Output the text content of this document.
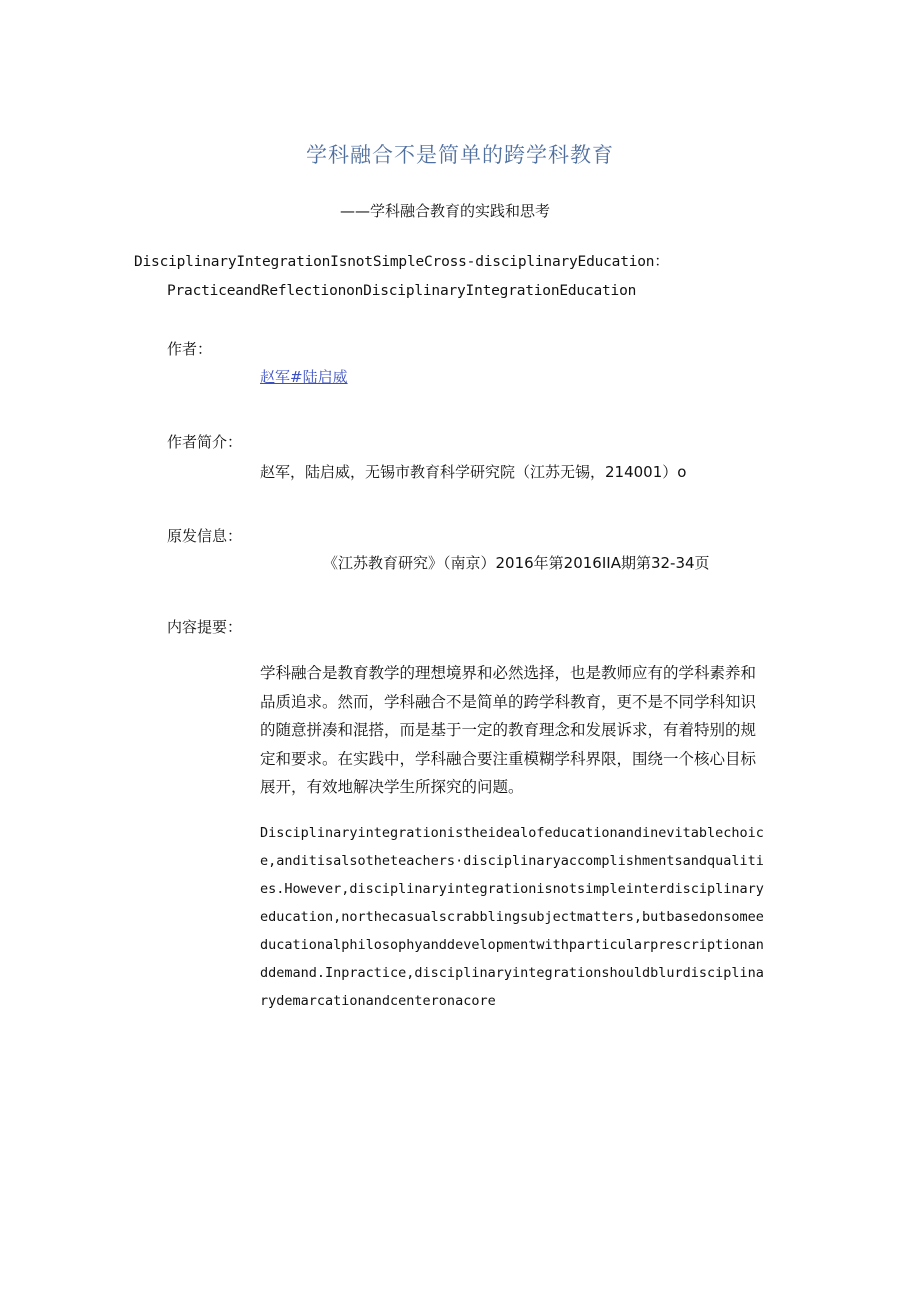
学科融合不是简单的跨学科教育
——学科融合教育的实践和思考
DisciplinaryIntegrationIsnotSimpleCross-disciplinaryEducation：
PracticeandReflectiononDisciplinaryIntegrationEducation
作者：
赵军#陆启威
作者简介：
赵军，陆启威，无锡市教育科学研究院（江苏无锡，214001）o
原发信息：
《江苏教育研究》（南京）2016年第2016IIA期第32-34页
内容提要：
学科融合是教育教学的理想境界和必然选择，也是教师应有的学科素养和品质追求。然而，学科融合不是简单的跨学科教育，更不是不同学科知识的随意拼凑和混搭，而是基于一定的教育理念和发展诉求，有着特别的规定和要求。在实践中，学科融合要注重模糊学科界限，围绕一个核心目标展开，有效地解决学生所探究的问题。
Disciplinaryintegrationistheidealofeducationandinevitablechoice,anditisalsotheteachers·disciplinaryaccomplishmentsandqualities.However,disciplinaryintegrationisnotsimpleinterdisciplinaryeducation,northecasualscrabblingsubjectmatters,butbasedonsomeeducationalphilosophyanddevelopmentwithparticularprescriptionanddemand.Inpractice,disciplinaryintegrationshouldblurdisciplinarydemarcationandcenteronacore
